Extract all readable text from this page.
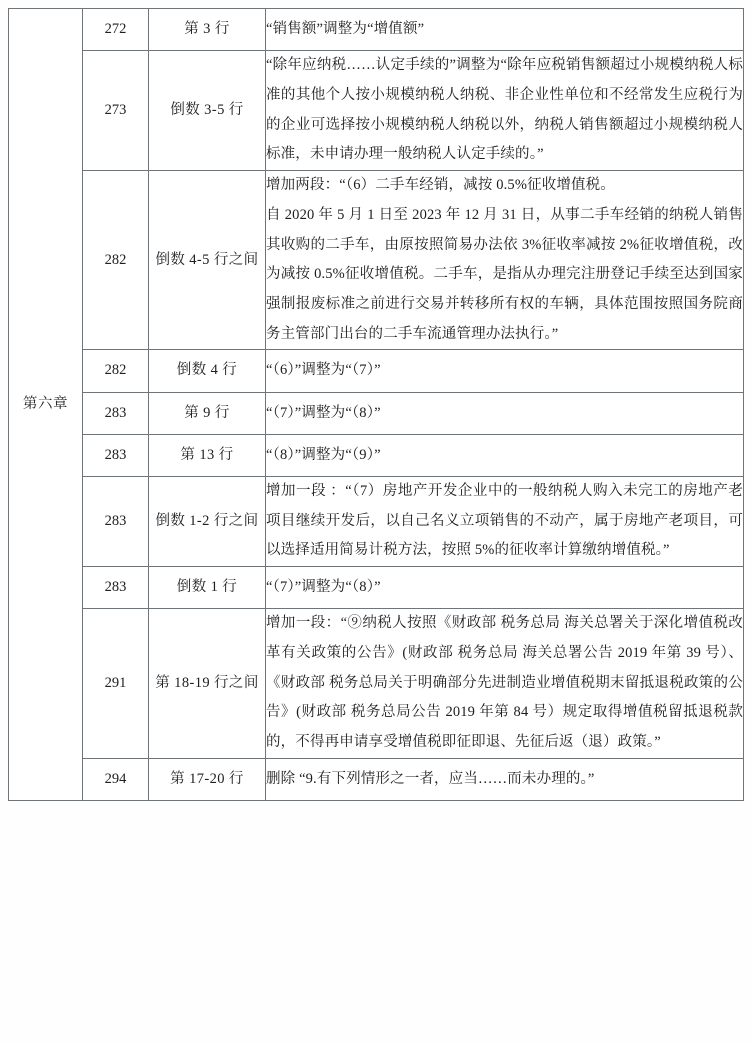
第六章	272	第 3 行	“销售额”调整为“增值额”

	273	倒数 3-5 行	“除年应纳税……认定手续的”调整为“除年应税销售额超过小规模纳税人标准的其他个人按小规模纳税人纳税、非企业性单位和不经常发生应税行为的企业可选择按小规模纳税人纳税以外，纳税人销售额超过小规模纳税人标准，未申请办理一般纳税人认定手续的。”

	282	倒数 4-5 行之间	增加两段：“（6）二手车经销，减按 0.5%征收增值税。

自 2020 年 5 月 1 日至 2023 年 12 月 31 日，从事二手车经销的纳税人销售其收购的二手车，由原按照简易办法依 3%征收率减按 2%征收增值税，改为减按 0.5%征收增值税。二手车，是指从办理完注册登记手续至达到国家强制报废标准之前进行交易并转移所有权的车辆，具体范围按照国务院商务主管部门出台的二手车流通管理办法执行。”

	282	倒数 4 行	“（6）”调整为“（7）”

	283	第 9 行	“（7）”调整为“（8）”

	283	第 13 行	“（8）”调整为“（9）”

	283	倒数 1-2 行之间	增加一段 ：“（7）房地产开发企业中的一般纳税人购入未完工的房地产老项目继续开发后，以自己名义立项销售的不动产，属于房地产老项目，可以选择适用简易计税方法，按照 5%的征收率计算缴纳增值税。”

	283	倒数 1 行	“（7）”调整为“（8）”

	291	第 18-19 行之间	增加一段：“⑨纳税人按照《财政部 税务总局 海关总署关于深化增值税改革有关政策的公告》(财政部 税务总局 海关总署公告 2019 年第 39 号）、《财政部 税务总局关于明确部分先进制造业增值税期末留抵退税政策的公告》(财政部 税务总局公告 2019 年第 84 号）规定取得增值税留抵退税款的，不得再申请享受增值税即征即退、先征后返（退）政策。”

	294	第 17-20 行	删除 “9.有下列情形之一者，应当……而未办理的。”
